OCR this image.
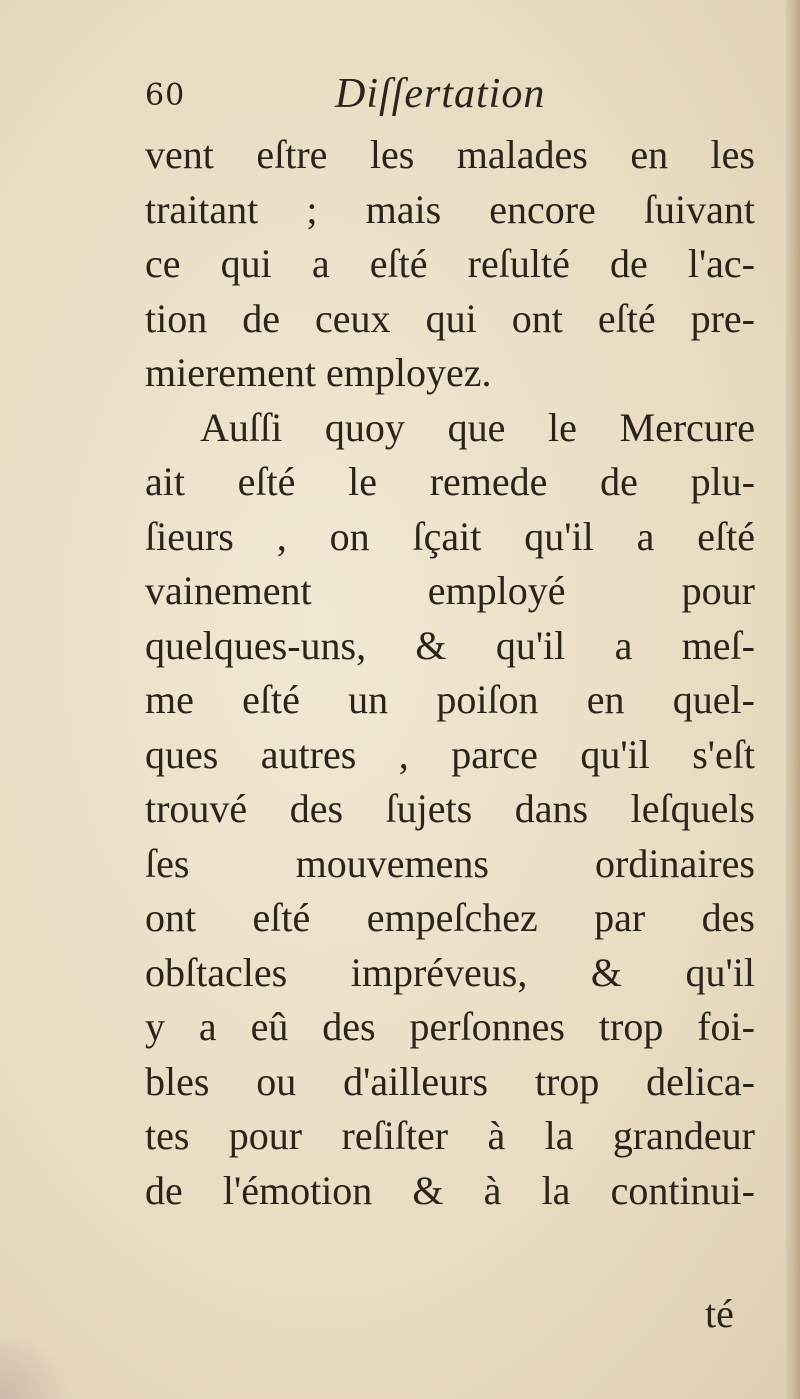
60	Diſſertation
vent eſtre les malades en les
traitant ; mais encore ſuivant
ce qui a eſté reſulté de l'ac-
tion de ceux qui ont eſté pre-
mierement employez.
Auſſi quoy que le Mercure
ait eſté le remede de plu-
ſieurs , on ſçait qu'il a eſté
vainement employé pour
quelques-uns, & qu'il a meſ-
me eſté un poiſon en quel-
ques autres , parce qu'il s'eſt
trouvé des ſujets dans leſquels
ſes mouvemens ordinaires
ont eſté empeſchez par des
obſtacles impréveus, & qu'il
y a eû des perſonnes trop foi-
bles ou d'ailleurs trop delica-
tes pour reſiſter à la grandeur
de l'émotion & à la continui-
té
